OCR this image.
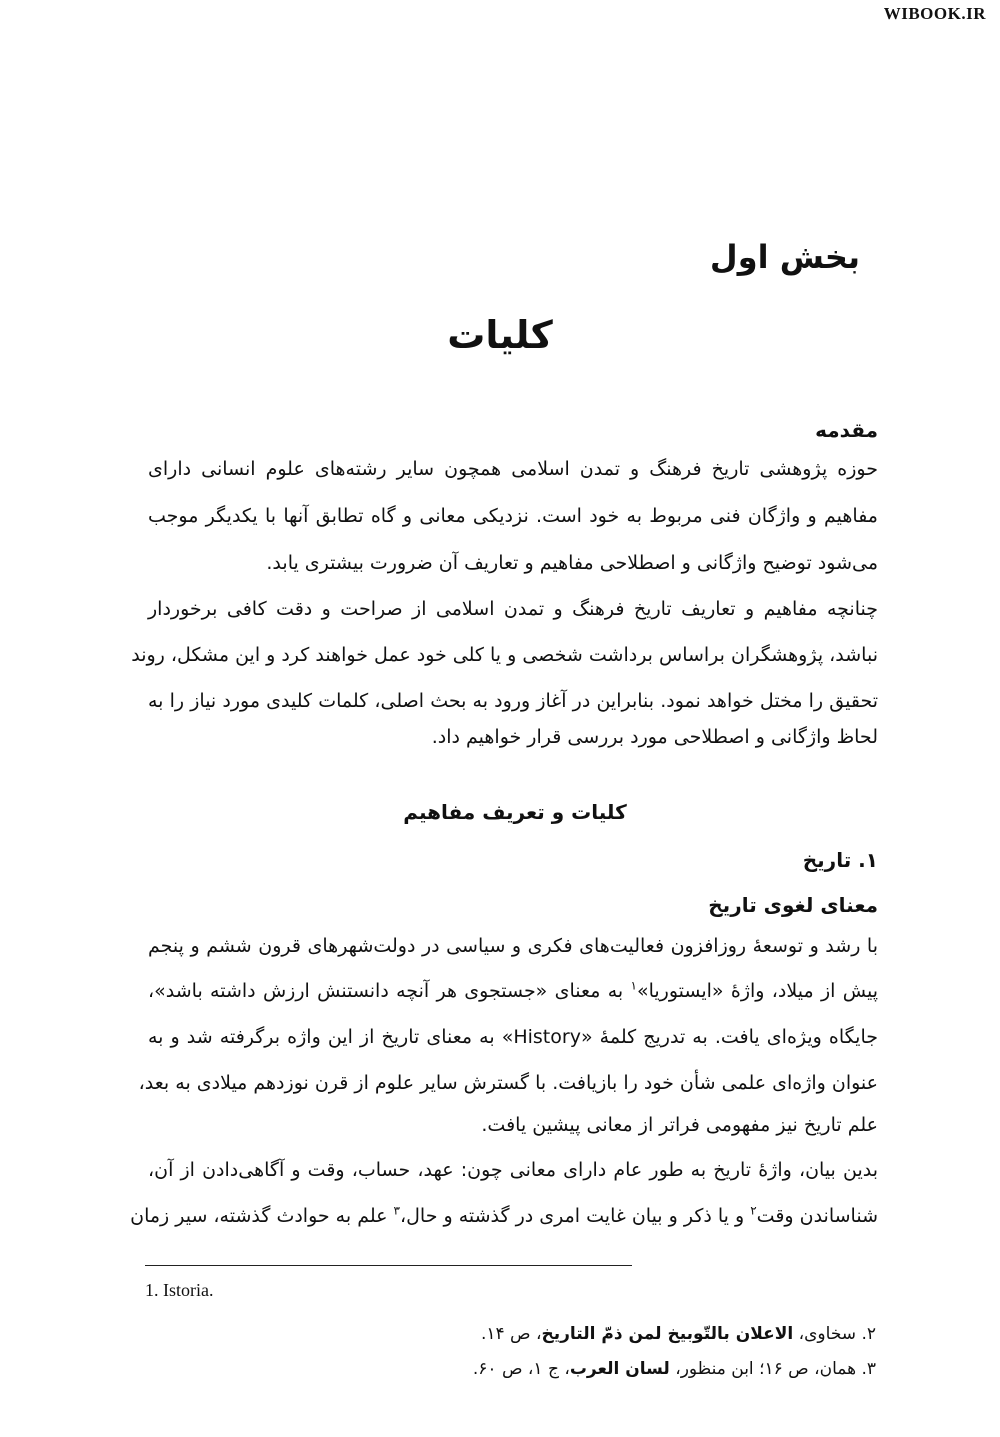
WIBOOK.IR
بخش اول
کلیات
مقدمه
حوزه پژوهشی تاریخ فرهنگ و تمدن اسلامی همچون سایر رشته‌های علوم انسانی دارای
مفاهیم و واژگان فنی مربوط به خود است. نزدیکی معانی و گاه تطابق آنها با یکدیگر موجب
می‌شود توضیح واژگانی و اصطلاحی مفاهیم و تعاریف آن ضرورت بیشتری یابد.
چنانچه مفاهیم و تعاریف تاریخ فرهنگ و تمدن اسلامی از صراحت و دقت کافی برخوردار
نباشد، پژوهشگران براساس برداشت شخصی و یا کلی خود عمل خواهند کرد و این مشکل، روند
تحقیق را مختل خواهد نمود. بنابراین در آغاز ورود به بحث اصلی، کلمات کلیدی مورد نیاز را به
لحاظ واژگانی و اصطلاحی مورد بررسی قرار خواهیم داد.
کلیات و تعریف مفاهیم
۱. تاریخ
معنای لغوی تاریخ
با رشد و توسعهٔ روزافزون فعالیت‌های فکری و سیاسی در دولت‌شهرهای قرون ششم و پنجم
پیش از میلاد، واژهٔ «ایستوریا»$^۱$ به معنای «جستجوی هر آنچه دانستنش ارزش داشته باشد»،
جایگاه ویژه‌ای یافت. به تدریج کلمهٔ «History» به معنای تاریخ از این واژه برگرفته شد و به
عنوان واژه‌ای علمی شأن خود را بازیافت. با گسترش سایر علوم از قرن نوزدهم میلادی به بعد،
علم تاریخ نیز مفهومی فراتر از معانی پیشین یافت.
بدین بیان، واژهٔ تاریخ به طور عام دارای معانی چون: عهد، حساب، وقت و آگاهی‌دادن از آن،
شناساندن وقت$^۲$ و یا ذکر و بیان غایت امری در گذشته و حال،$^۳$ علم به حوادث گذشته، سیر زمان
1. Istoria.
۲. سخاوی، الاعلان بالتّوبیخ لمن ذمّ التاریخ، ص ۱۴.
۳. همان، ص ۱۶؛ ابن منظور، لسان العرب، ج ۱، ص ۶۰.
